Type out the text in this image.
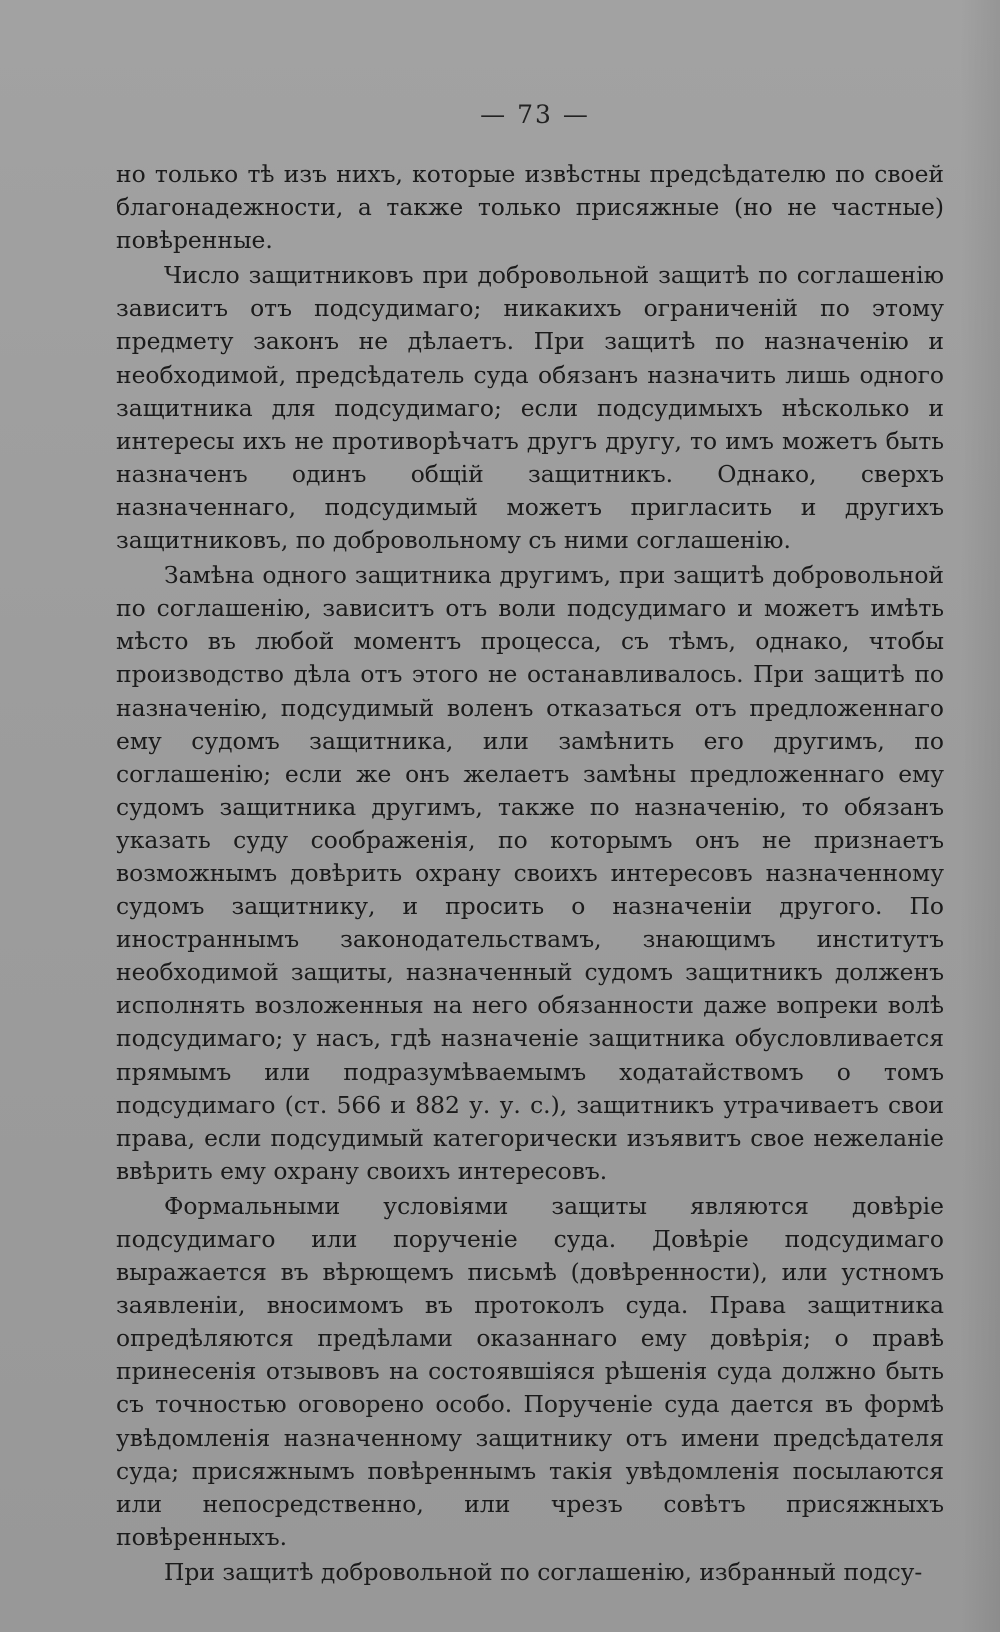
— 73 —

но только тѣ изъ нихъ, которые извѣстны предсѣдателю по своей благонадежности, а также только присяжные (но не частные) повѣренные.

Число защитниковъ при добровольной защитѣ по соглашенію зависитъ отъ подсудимаго; никакихъ ограниченій по этому предмету законъ не дѣлаетъ. При защитѣ по назначенію и необходимой, предсѣдатель суда обязанъ назначить лишь одного защитника для подсудимаго; если подсудимыхъ нѣсколько и интересы ихъ не противорѣчатъ другъ другу, то имъ можетъ быть назначенъ одинъ общій защитникъ. Однако, сверхъ назначеннаго, подсудимый можетъ пригласить и другихъ защитниковъ, по добровольному съ ними соглашенію.

Замѣна одного защитника другимъ, при защитѣ добровольной по соглашенію, зависитъ отъ воли подсудимаго и можетъ имѣть мѣсто въ любой моментъ процесса, съ тѣмъ, однако, чтобы производство дѣла отъ этого не останавливалось. При защитѣ по назначенію, подсудимый воленъ отказаться отъ предложеннаго ему судомъ защитника, или замѣнить его другимъ, по соглашенію; если же онъ желаетъ замѣны предложеннаго ему судомъ защитника другимъ, также по назначенію, то обязанъ указать суду соображенія, по которымъ онъ не признаетъ возможнымъ довѣрить охрану своихъ интересовъ назначенному судомъ защитнику, и просить о назначеніи другого. По иностраннымъ законодательствамъ, знающимъ институтъ необходимой защиты, назначенный судомъ защитникъ долженъ исполнять возложенныя на него обязанности даже вопреки волѣ подсудимаго; у насъ, гдѣ назначеніе защитника обусловливается прямымъ или подразумѣваемымъ ходатайствомъ о томъ подсудимаго (ст. 566 и 882 у. у. с.), защитникъ утрачиваетъ свои права, если подсудимый категорически изъявитъ свое нежеланіе ввѣрить ему охрану своихъ интересовъ.

Формальными условіями защиты являются довѣріе подсудимаго или порученіе суда. Довѣріе подсудимаго выражается въ вѣрющемъ письмѣ (довѣренности), или устномъ заявленіи, вносимомъ въ протоколъ суда. Права защитника опредѣляются предѣлами оказаннаго ему довѣрія; о правѣ принесенія отзывовъ на состоявшіяся рѣшенія суда должно быть съ точностью оговорено особо. Порученіе суда дается въ формѣ увѣдомленія назначенному защитнику отъ имени предсѣдателя суда; присяжнымъ повѣреннымъ такія увѣдомленія посылаются или непосредственно, или чрезъ совѣтъ присяжныхъ повѣренныхъ.

При защитѣ добровольной по соглашенію, избранный подсу-
